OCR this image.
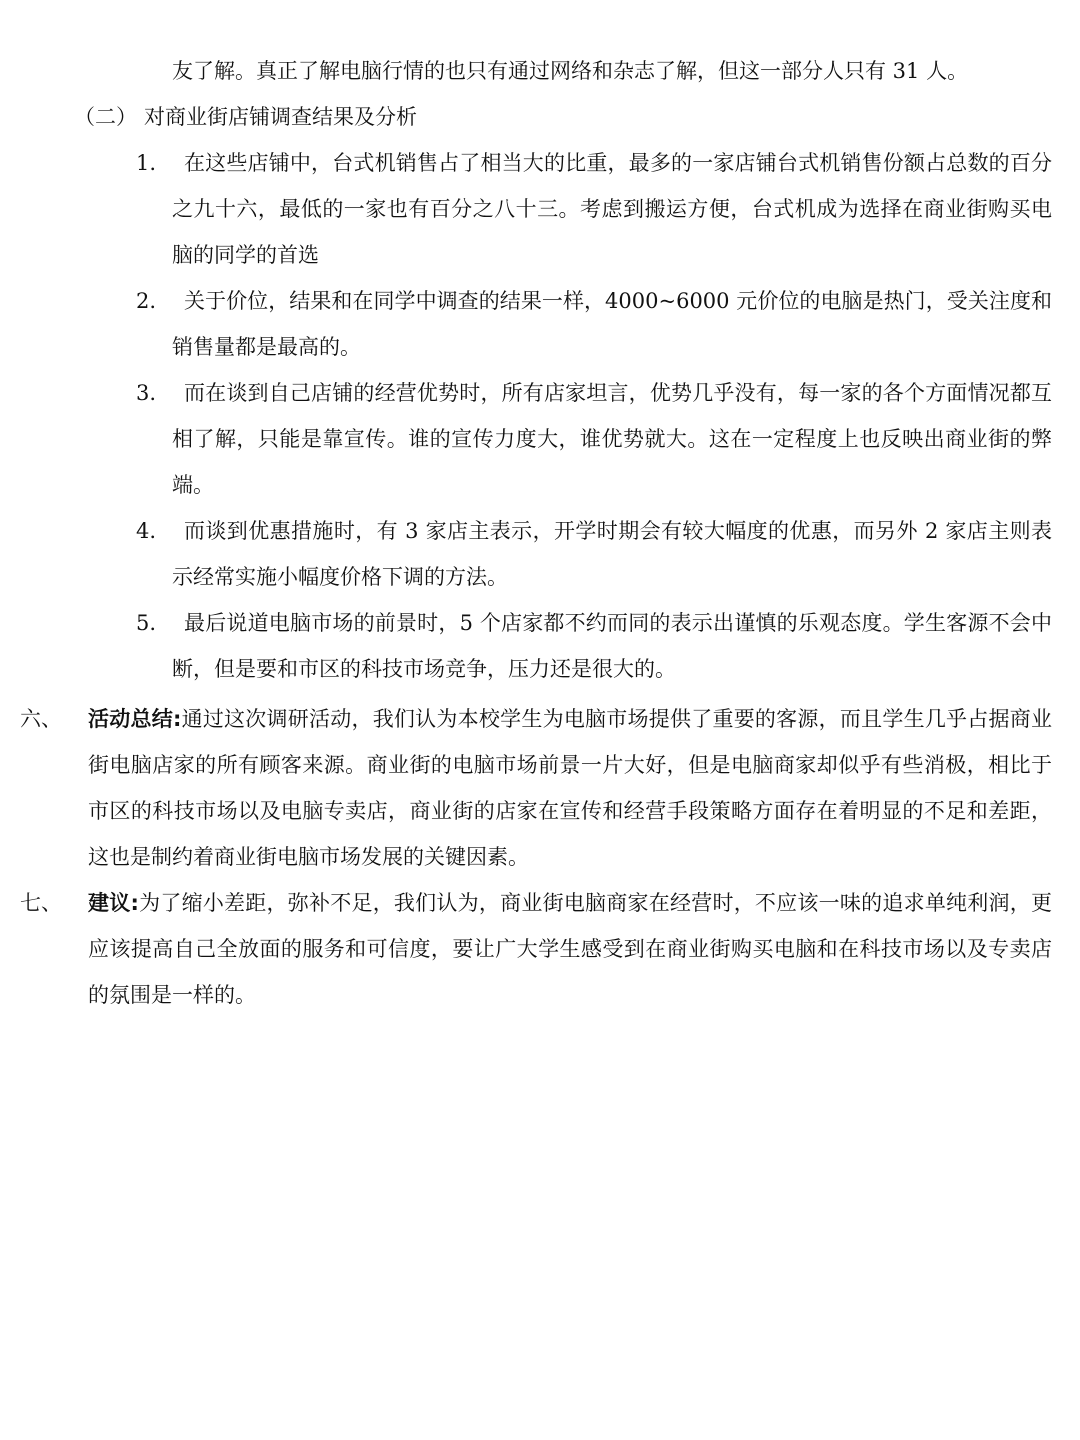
友了解。真正了解电脑行情的也只有通过网络和杂志了解，但这一部分人只有 31 人。

（二） 对商业街店铺调查结果及分析
1.	在这些店铺中，台式机销售占了相当大的比重，最多的一家店铺台式机销售份额占总数的百分之九十六，最低的一家也有百分之八十三。考虑到搬运方便，台式机成为选择在商业街购买电脑的同学的首选
2.	关于价位，结果和在同学中调查的结果一样，4000~6000 元价位的电脑是热门，受关注度和销售量都是最高的。
3.	而在谈到自己店铺的经营优势时，所有店家坦言，优势几乎没有，每一家的各个方面情况都互相了解，只能是靠宣传。谁的宣传力度大，谁优势就大。这在一定程度上也反映出商业街的弊端。
4.	而谈到优惠措施时，有 3 家店主表示，开学时期会有较大幅度的优惠，而另外 2 家店主则表示经常实施小幅度价格下调的方法。
5.	最后说道电脑市场的前景时，5 个店家都不约而同的表示出谨慎的乐观态度。学生客源不会中断，但是要和市区的科技市场竞争，压力还是很大的。
六、	活动总结:通过这次调研活动，我们认为本校学生为电脑市场提供了重要的客源，而且学生几乎占据商业街电脑店家的所有顾客来源。商业街的电脑市场前景一片大好，但是电脑商家却似乎有些消极，相比于市区的科技市场以及电脑专卖店，商业街的店家在宣传和经营手段策略方面存在着明显的不足和差距，这也是制约着商业街电脑市场发展的关键因素。
七、	建议:为了缩小差距，弥补不足，我们认为，商业街电脑商家在经营时，不应该一味的追求单纯利润，更应该提高自己全放面的服务和可信度，要让广大学生感受到在商业街购买电脑和在科技市场以及专卖店的氛围是一样的。
